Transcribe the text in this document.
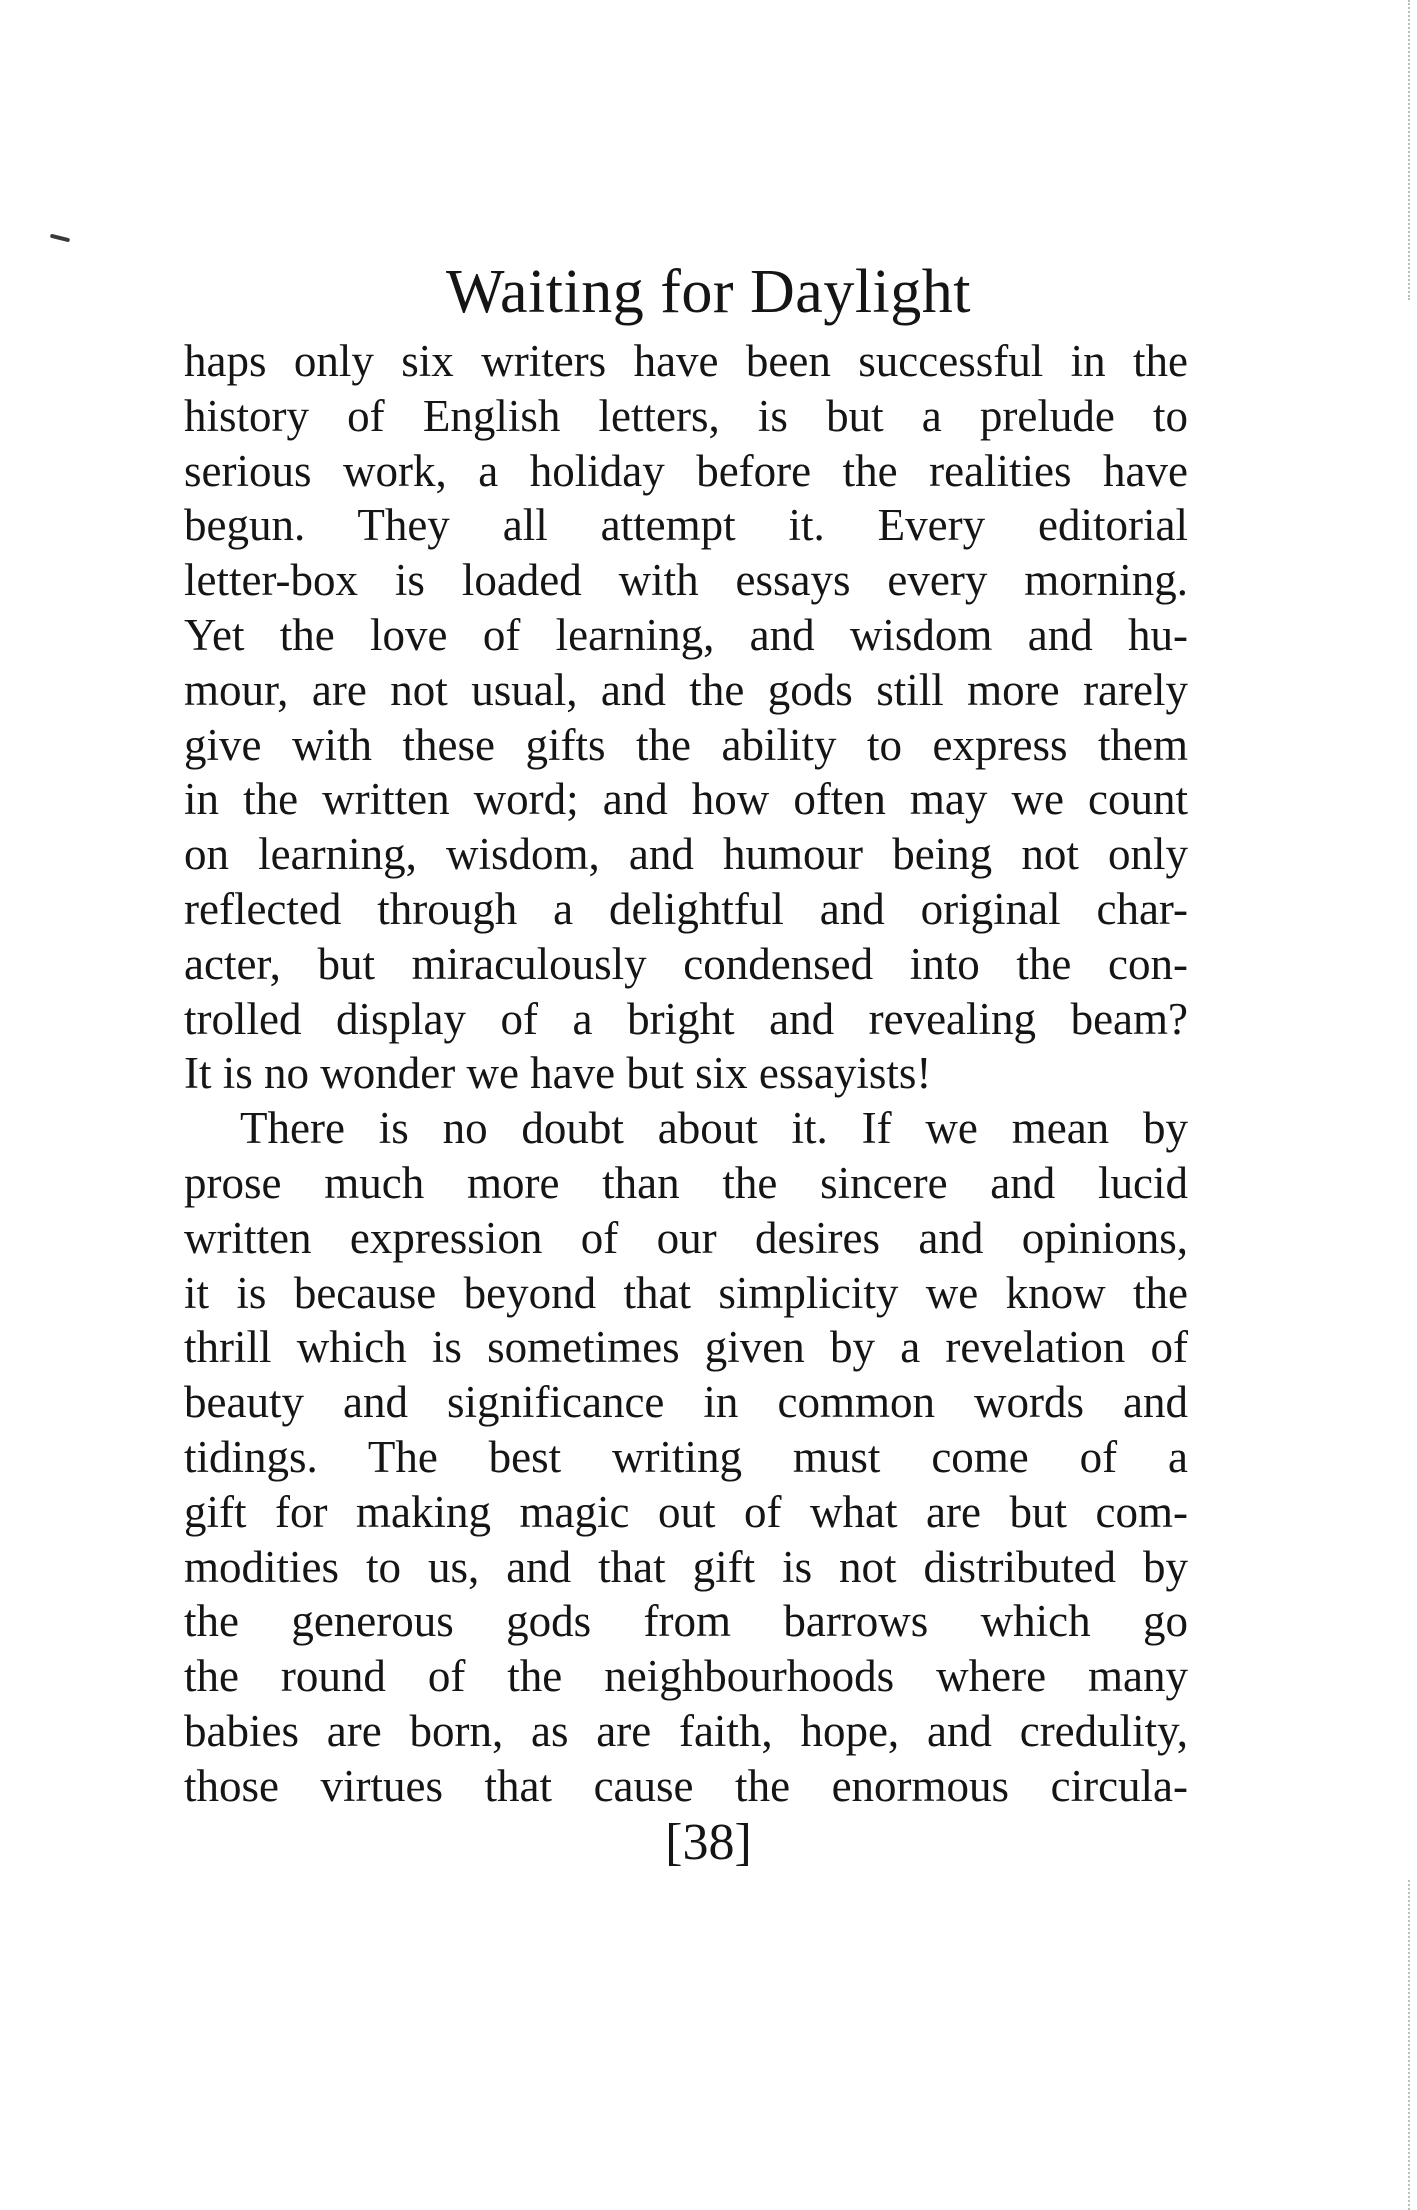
Waiting for Daylight
haps only six writers have been successful in the
history of English letters, is but a prelude to
serious work, a holiday before the realities have
begun. They all attempt it. Every editorial
letter-box is loaded with essays every morning.
Yet the love of learning, and wisdom and hu-
mour, are not usual, and the gods still more rarely
give with these gifts the ability to express them
in the written word; and how often may we count
on learning, wisdom, and humour being not only
reflected through a delightful and original char-
acter, but miraculously condensed into the con-
trolled display of a bright and revealing beam?
It is no wonder we have but six essayists!
There is no doubt about it. If we mean by
prose much more than the sincere and lucid
written expression of our desires and opinions,
it is because beyond that simplicity we know the
thrill which is sometimes given by a revelation of
beauty and significance in common words and
tidings. The best writing must come of a
gift for making magic out of what are but com-
modities to us, and that gift is not distributed by
the generous gods from barrows which go
the round of the neighbourhoods where many
babies are born, as are faith, hope, and credulity,
those virtues that cause the enormous circula-
[38]
